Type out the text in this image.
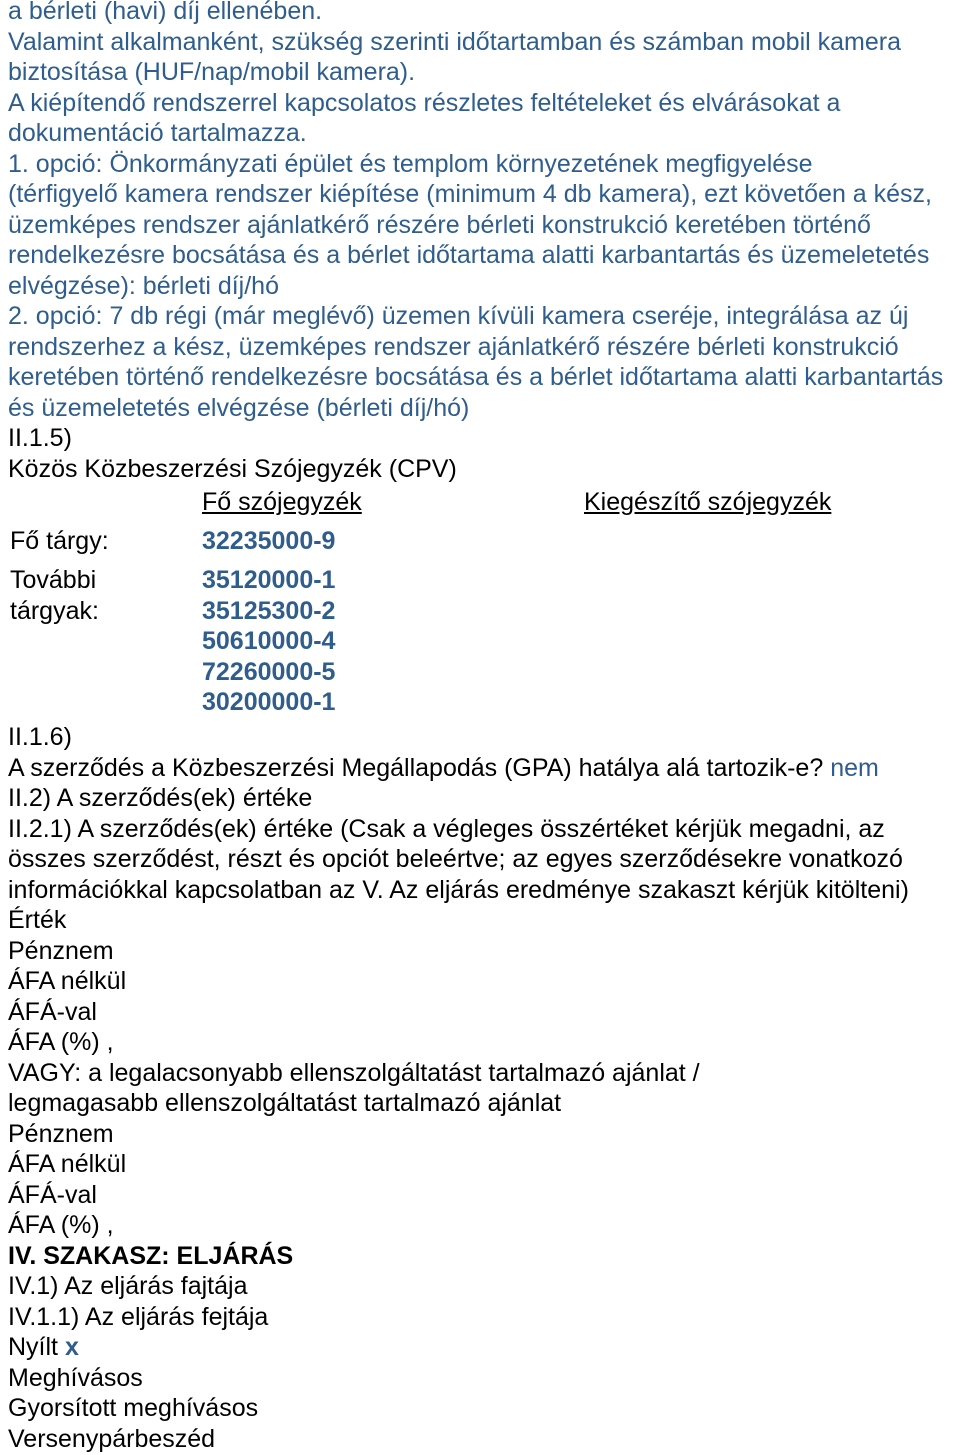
a bérleti (havi) díj ellenében.
Valamint alkalmanként, szükség szerinti időtartamban és számban mobil kamera
biztosítása (HUF/nap/mobil kamera).
A kiépítendő rendszerrel kapcsolatos részletes feltételeket és elvárásokat a
dokumentáció tartalmazza.
1. opció: Önkormányzati épület és templom környezetének megfigyelése
(térfigyelő kamera rendszer kiépítése (minimum 4 db kamera), ezt követően a kész,
üzemképes rendszer ajánlatkérő részére bérleti konstrukció keretében történő
rendelkezésre bocsátása és a bérlet időtartama alatti karbantartás és üzemeletetés
elvégzése): bérleti díj/hó
2. opció: 7 db régi (már meglévő) üzemen kívüli kamera cseréje, integrálása az új
rendszerhez a kész, üzemképes rendszer ajánlatkérő részére bérleti konstrukció
keretében történő rendelkezésre bocsátása és a bérlet időtartama alatti karbantartás
és üzemeletetés elvégzése (bérleti díj/hó)
II.1.5)
Közös Közbeszerzési Szójegyzék (CPV)
Fő szójegyzék	Kiegészítő szójegyzék
Fő tárgy:	32235000-9
További	35120000-1
tárgyak:	35125300-2
50610000-4
72260000-5
30200000-1
II.1.6)
A szerződés a Közbeszerzési Megállapodás (GPA) hatálya alá tartozik-e? nem
II.2) A szerződés(ek) értéke
II.2.1) A szerződés(ek) értéke (Csak a végleges összértéket kérjük megadni, az
összes szerződést, részt és opciót beleértve; az egyes szerződésekre vonatkozó
információkkal kapcsolatban az V. Az eljárás eredménye szakaszt kérjük kitölteni)
Érték
Pénznem
ÁFA nélkül
ÁFÁ-val
ÁFA (%) ,
VAGY: a legalacsonyabb ellenszolgáltatást tartalmazó ajánlat /
legmagasabb ellenszolgáltatást tartalmazó ajánlat
Pénznem
ÁFA nélkül
ÁFÁ-val
ÁFA (%) ,
IV. SZAKASZ: ELJÁRÁS
IV.1) Az eljárás fajtája
IV.1.1) Az eljárás fejtája
Nyílt x
Meghívásos
Gyorsított meghívásos
Versenypárbeszéd
